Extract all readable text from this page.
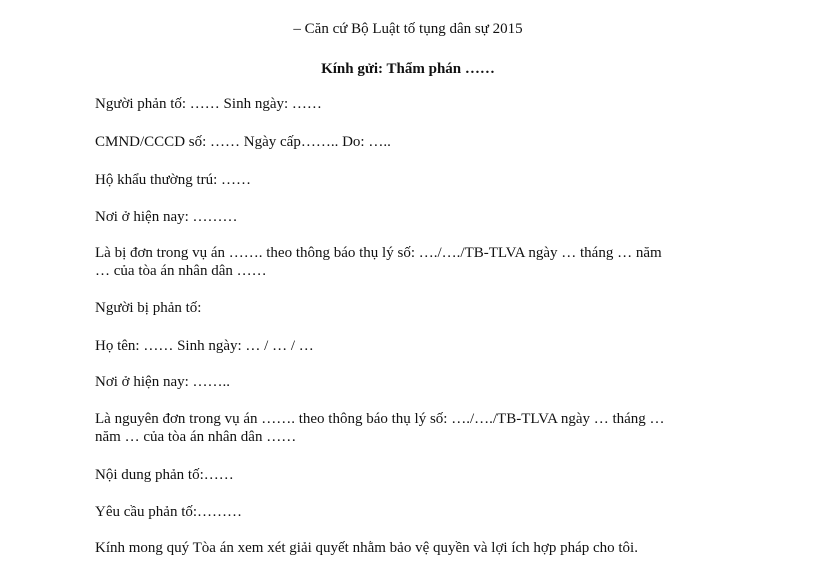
– Căn cứ Bộ Luật tố tụng dân sự 2015
Kính gửi: Thẩm phán ……
Người phản tố: …… Sinh ngày: ……
CMND/CCCD số: …… Ngày cấp…….. Do: …..
Hộ khẩu thường trú: ……
Nơi ở hiện nay: ………
Là bị đơn trong vụ án ……. theo thông báo thụ lý số: …./…./TB-TLVA ngày … tháng … năm
… của tòa án nhân dân ……
Người bị phản tố:
Họ tên: …… Sinh ngày: … / … / …
Nơi ở hiện nay: ……..
Là nguyên đơn trong vụ án ……. theo thông báo thụ lý số: …./…./TB-TLVA ngày … tháng …
năm … của tòa án nhân dân ……
Nội dung phản tố:……
Yêu cầu phản tố:………
Kính mong quý Tòa án xem xét giải quyết nhằm bảo vệ quyền và lợi ích hợp pháp cho tôi.
